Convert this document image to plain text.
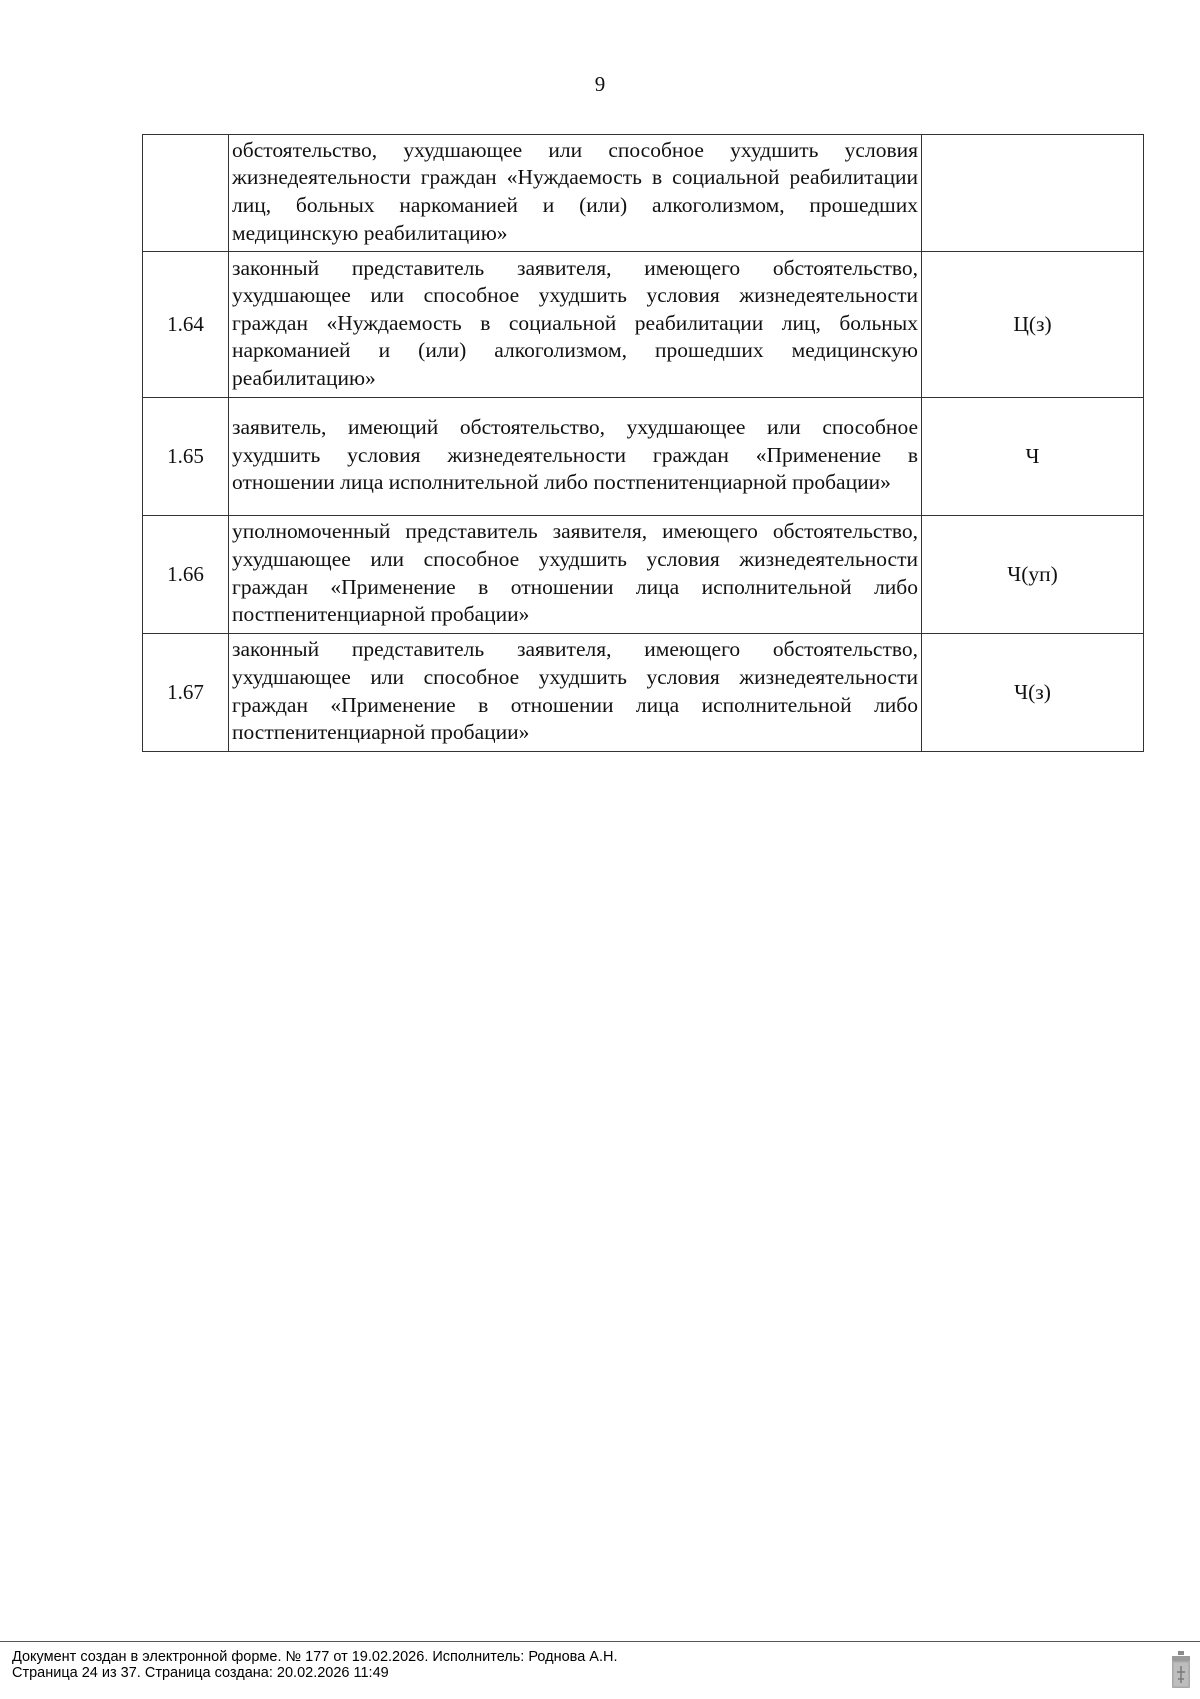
9
	обстоятельство, ухудшающее или способное ухудшить условия жизнедеятельности граждан «Нуждаемость в социальной реабилитации лиц, больных наркоманией и (или) алкоголизмом, прошедших медицинскую реабилитацию»	
1.64	законный представитель заявителя, имеющего обстоятельство, ухудшающее или способное ухудшить условия жизнедеятельности граждан «Нуждаемость в социальной реабилитации лиц, больных наркоманией и (или) алкоголизмом, прошедших медицинскую реабилитацию»	Ц(з)
1.65	заявитель, имеющий обстоятельство, ухудшающее или способное ухудшить условия жизнедеятельности граждан «Применение в отношении лица исполнительной либо постпенитенциарной пробации»	Ч
1.66	уполномоченный представитель заявителя, имеющего обстоятельство, ухудшающее или способное ухудшить условия жизнедеятельности граждан «Применение в отношении лица исполнительной либо постпенитенциарной пробации»	Ч(уп)
1.67	законный представитель заявителя, имеющего обстоятельство, ухудшающее или способное ухудшить условия жизнедеятельности граждан «Применение в отношении лица исполнительной либо постпенитенциарной пробации»	Ч(з)
Документ создан в электронной форме. № 177 от 19.02.2026. Исполнитель: Роднова А.Н.
Страница 24 из 37. Страница создана: 20.02.2026 11:49
